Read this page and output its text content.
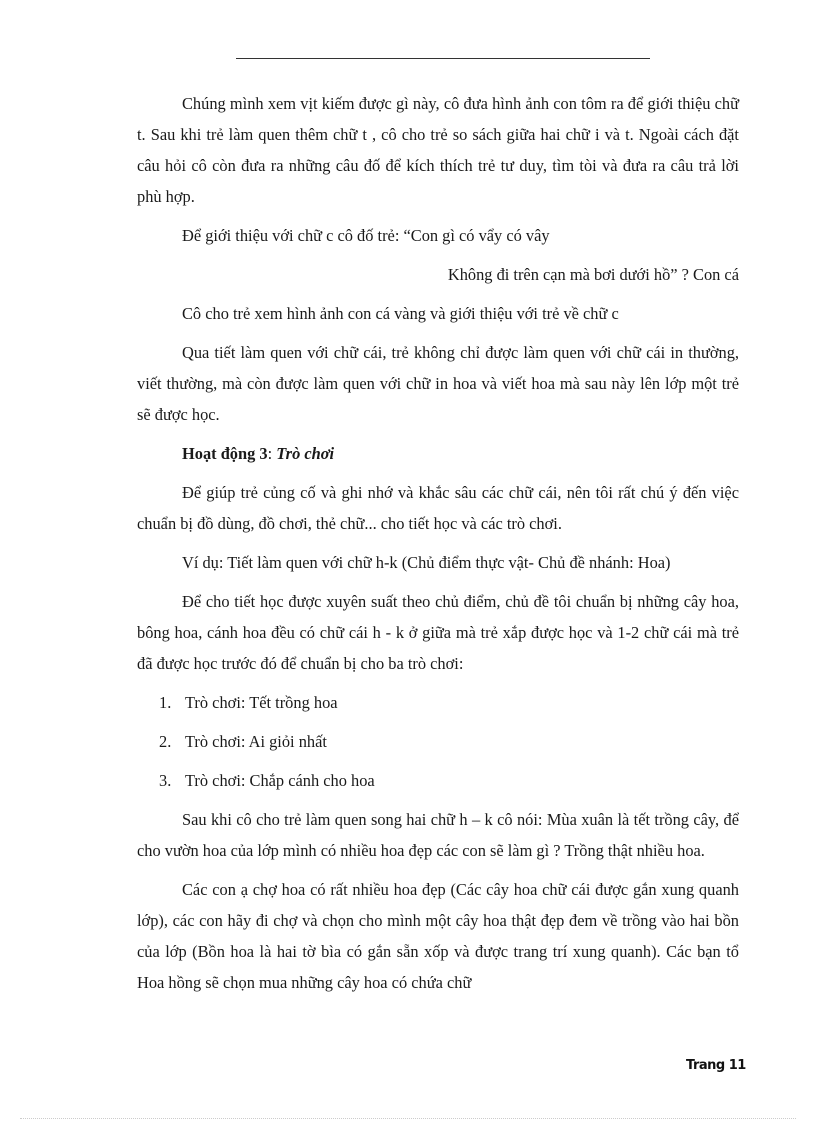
Chúng mình xem vịt kiếm được gì này, cô đưa hình ảnh con tôm ra để giới thiệu chữ t. Sau khi trẻ làm quen thêm chữ t , cô cho trẻ so sách giữa hai chữ i và t. Ngoài cách đặt câu hỏi cô còn đưa ra những câu đố để kích thích trẻ tư duy, tìm tòi và đưa ra câu trả lời phù hợp.

Để giới thiệu với chữ c cô đố trẻ: “Con gì có vẩy có vây

Không đi trên cạn mà bơi dưới hồ” ? Con cá

Cô cho trẻ xem hình ảnh con cá vàng và giới thiệu với trẻ về chữ c

Qua tiết làm quen với chữ cái, trẻ không chỉ được làm quen với chữ cái in thường, viết thường, mà còn được làm quen với chữ in hoa và viết hoa mà sau này lên lớp một trẻ sẽ được học.

Hoạt động 3: Trò chơi

Để giúp trẻ củng cố và ghi nhớ và khắc sâu các chữ cái, nên tôi rất chú ý đến việc chuẩn bị đồ dùng, đồ chơi, thẻ chữ... cho tiết học và các trò chơi.

Ví dụ: Tiết làm quen với chữ h-k (Chủ điểm thực vật- Chủ đề nhánh: Hoa)

Để cho tiết học được xuyên suất theo chủ điểm, chủ đề tôi chuẩn bị những cây hoa, bông hoa, cánh hoa đều có chữ cái h - k ở giữa mà trẻ xắp được học và 1-2 chữ cái mà trẻ đã được học trước đó để chuẩn bị cho ba trò chơi:

1. Trò chơi: Tết trồng hoa
2. Trò chơi: Ai giỏi nhất
3. Trò chơi: Chắp cánh cho hoa

Sau khi cô cho trẻ làm quen song hai chữ h – k cô nói: Mùa xuân là tết trồng cây, để cho vườn hoa của lớp mình có nhiều hoa đẹp các con sẽ làm gì ? Trồng thật nhiều hoa.

Các con ạ chợ hoa có rất nhiều hoa đẹp (Các cây hoa chữ cái được gắn xung quanh lớp), các con hãy đi chợ và chọn cho mình một cây hoa thật đẹp đem về trồng vào hai bồn của lớp (Bồn hoa là hai tờ bìa có gắn sẵn xốp và được trang trí xung quanh). Các bạn tổ Hoa hồng sẽ chọn mua những cây hoa có chứa chữ

Trang 11
